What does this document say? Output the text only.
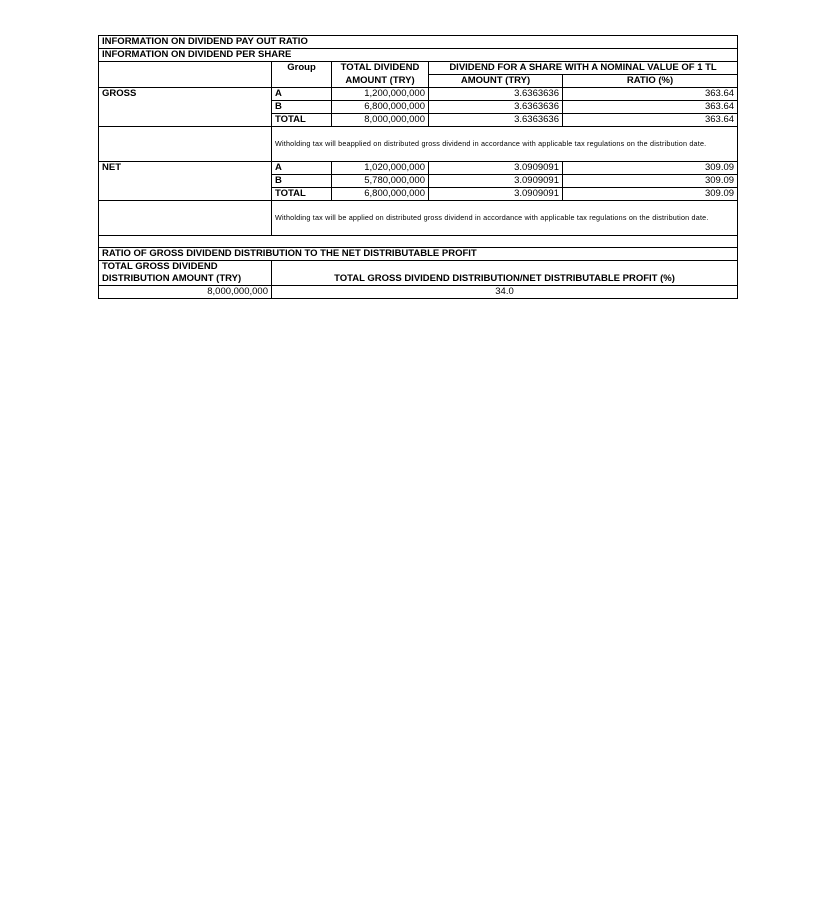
INFORMATION ON DIVIDEND PAY OUT RATIO				
INFORMATION ON DIVIDEND PER SHARE				
	Group	TOTAL DIVIDEND	DIVIDEND FOR A SHARE WITH A NOMINAL VALUE OF 1 TL	
		AMOUNT (TRY)	AMOUNT (TRY)	RATIO (%)
GROSS	A	1,200,000,000	3.6363636	363.64
	B	6,800,000,000	3.6363636	363.64
	TOTAL	8,000,000,000	3.6363636	363.64
	Witholding tax will beapplied on distributed gross dividend in accordance with applicable tax regulations on the distribution date.			
NET	A	1,020,000,000	3.0909091	309.09
	B	5,780,000,000	3.0909091	309.09
	TOTAL	6,800,000,000	3.0909091	309.09
	Witholding tax will be applied on distributed gross dividend in accordance with applicable tax regulations on the distribution date.			

RATIO OF GROSS DIVIDEND DISTRIBUTION TO THE NET DISTRIBUTABLE PROFIT				
TOTAL GROSS DIVIDEND				
DISTRIBUTION AMOUNT (TRY)	TOTAL GROSS DIVIDEND DISTRIBUTION/NET DISTRIBUTABLE PROFIT (%)			
8,000,000,000	34.0			
